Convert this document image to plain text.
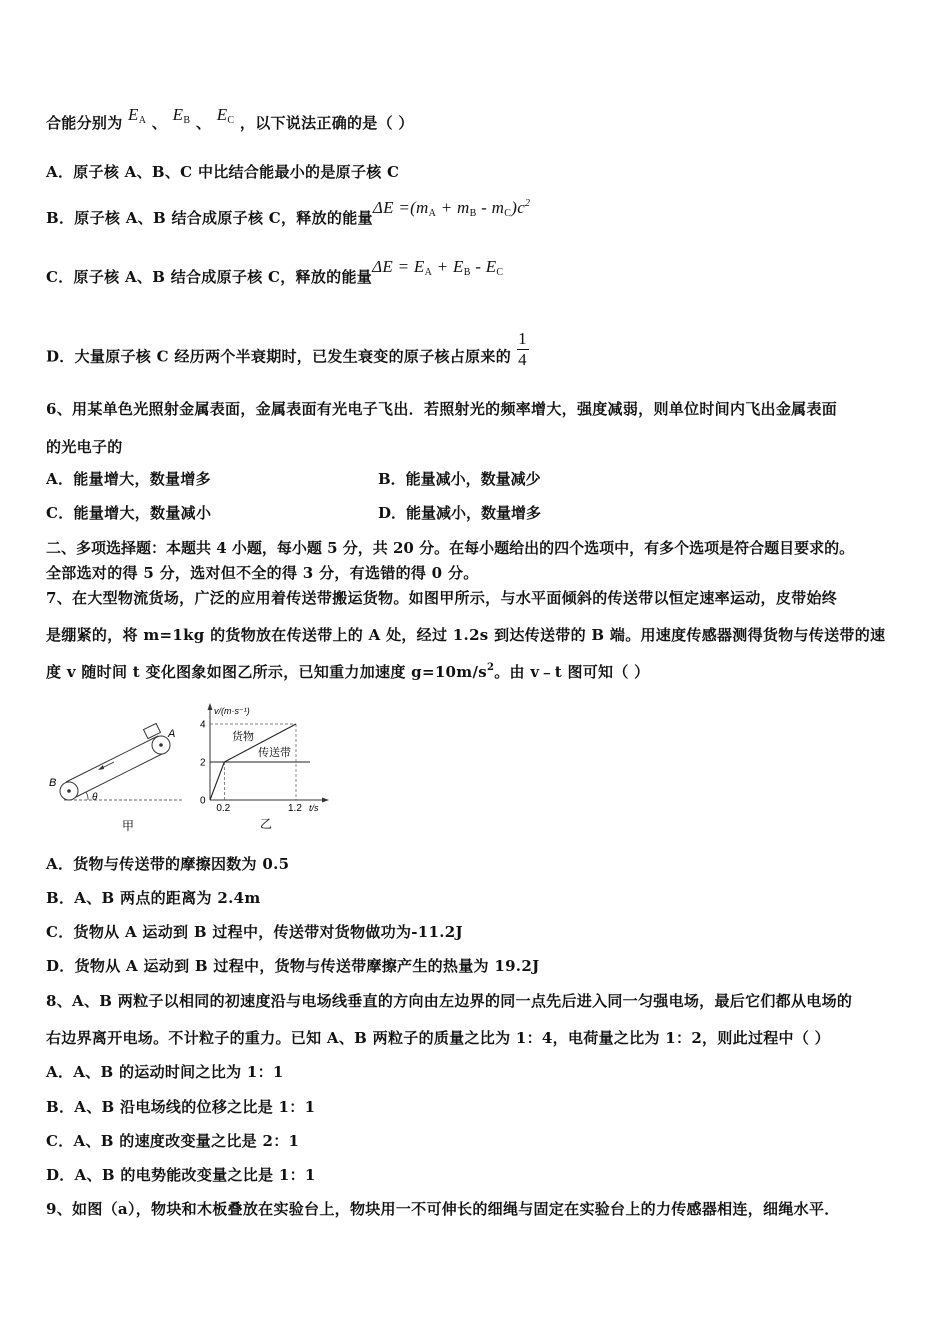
合能分别为 $E_A$ 、 $E_B$ 、 $E_C$ ，以下说法正确的是（ ）
A．原子核 A、B、C 中比结合能最小的是原子核 C
B．原子核 A、B 结合成原子核 C，释放的能量$\Delta E =(m_A + m_B - m_C)c^2$
C．原子核 A、B 结合成原子核 C，释放的能量$\Delta E = E_A + E_B - E_C$
D．大量原子核 C 经历两个半衰期时，已发生衰变的原子核占原来的 $\frac{1}{4}$
6、用某单色光照射金属表面，金属表面有光电子飞出．若照射光的频率增大，强度减弱，则单位时间内飞出金属表面
的光电子的
A．能量增大，数量增多	B．能量减小，数量减少
C．能量增大，数量减小	D．能量减小，数量增多
二、多项选择题：本题共 4 小题，每小题 5 分，共 20 分。在每小题给出的四个选项中，有多个选项是符合题目要求的。
全部选对的得 5 分，选对但不全的得 3 分，有选错的得 0 分。
7、在大型物流货场，广泛的应用着传送带搬运货物。如图甲所示，与水平面倾斜的传送带以恒定速率运动，皮带始终
是绷紧的，将 m=1kg 的货物放在传送带上的 A 处，经过 1.2s 到达传送带的 B 端。用速度传感器测得货物与传送带的速
度 v 随时间 t 变化图象如图乙所示，已知重力加速度 $g=10m/s^2$。由 v﹣t 图可知（ ）
θ
A
B
甲
v/(m·s⁻¹)
t/s
乙
4
2
0
0.2	1.2
货物
传送带
A．货物与传送带的摩擦因数为 0.5
B．A、B 两点的距离为 2.4m
C．货物从 A 运动到 B 过程中，传送带对货物做功为-11.2J
D．货物从 A 运动到 B 过程中，货物与传送带摩擦产生的热量为 19.2J
8、A、B 两粒子以相同的初速度沿与电场线垂直的方向由左边界的同一点先后进入同一匀强电场，最后它们都从电场的
右边界离开电场。不计粒子的重力。已知 A、B 两粒子的质量之比为 1：4，电荷量之比为 1：2，则此过程中（ ）
A．A、B 的运动时间之比为 1：1
B．A、B 沿电场线的位移之比是 1：1
C．A、B 的速度改变量之比是 2：1
D．A、B 的电势能改变量之比是 1：1
9、如图（a），物块和木板叠放在实验台上，物块用一不可伸长的细绳与固定在实验台上的力传感器相连，细绳水平．
